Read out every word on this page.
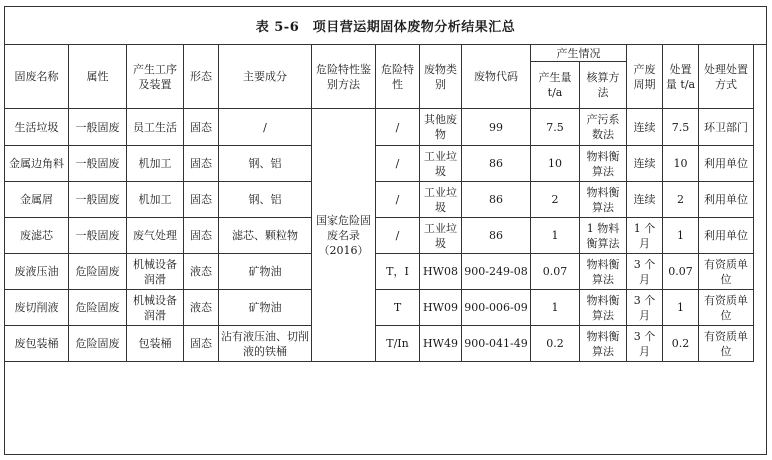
表 5-6　项目营运期固体废物分析结果汇总
固废名称	属性	产生工序及装置	形态	主要成分	危险特性鉴别方法	危险特性	废物类别	废物代码	产生情况		产废周期	处置量 t/a	处理处置方式
									产生量 t/a	核算方法			
生活垃圾	一般固废	员工生活	固态	/	国家危险固废名录（2016）	/	其他废物	99	7.5	产污系数法	连续	7.5	环卫部门
金属边角料	一般固废	机加工	固态	钢、铝		/	工业垃圾	86	10	物料衡算法	连续	10	利用单位
金属屑	一般固废	机加工	固态	钢、铝		/	工业垃圾	86	2	物料衡算法	连续	2	利用单位
废滤芯	一般固废	废气处理	固态	滤芯、颗粒物		/	工业垃圾	86	1	1 物料衡算法	1 个月	1	利用单位
废液压油	危险固废	机械设备润滑	液态	矿物油		T，I	HW08	900-249-08	0.07	物料衡算法	3 个月	0.07	有资质单位
废切削液	危险固废	机械设备润滑	液态	矿物油		T	HW09	900-006-09	1	物料衡算法	3 个月	1	有资质单位
废包装桶	危险固废	包装桶	固态	沾有液压油、切削液的铁桶		T/In	HW49	900-041-49	0.2	物料衡算法	3 个月	0.2	有资质单位
